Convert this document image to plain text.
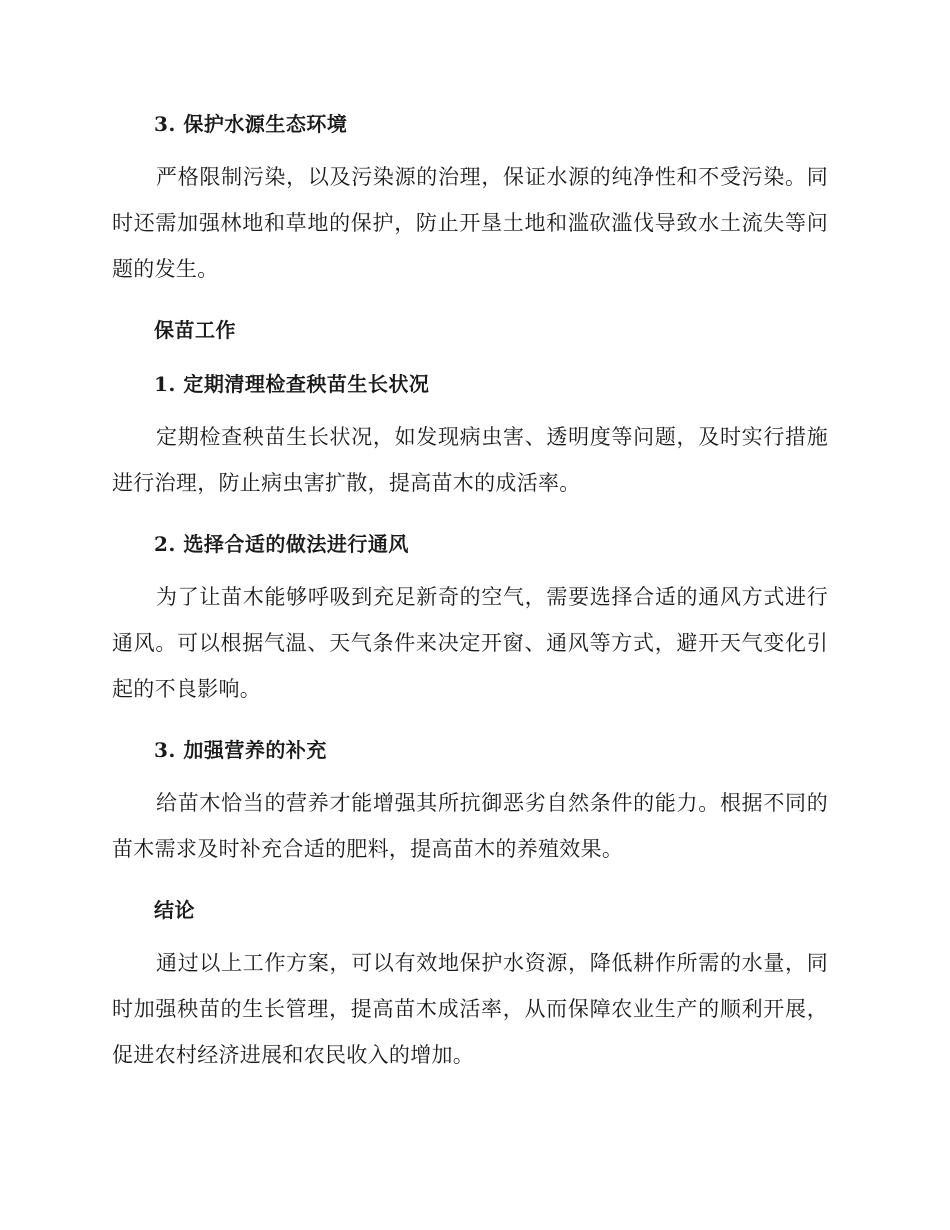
3. 保护水源生态环境

严格限制污染，以及污染源的治理，保证水源的纯净性和不受污染。同时还需加强林地和草地的保护，防止开垦土地和滥砍滥伐导致水土流失等问题的发生。

保苗工作
1. 定期清理检查秧苗生长状况

定期检查秧苗生长状况，如发现病虫害、透明度等问题，及时实行措施进行治理，防止病虫害扩散，提高苗木的成活率。

2. 选择合适的做法进行通风

为了让苗木能够呼吸到充足新奇的空气，需要选择合适的通风方式进行通风。可以根据气温、天气条件来决定开窗、通风等方式，避开天气变化引起的不良影响。

3. 加强营养的补充

给苗木恰当的营养才能增强其所抗御恶劣自然条件的能力。根据不同的苗木需求及时补充合适的肥料，提高苗木的养殖效果。

结论

通过以上工作方案，可以有效地保护水资源，降低耕作所需的水量，同时加强秧苗的生长管理，提高苗木成活率，从而保障农业生产的顺利开展，促进农村经济进展和农民收入的增加。
